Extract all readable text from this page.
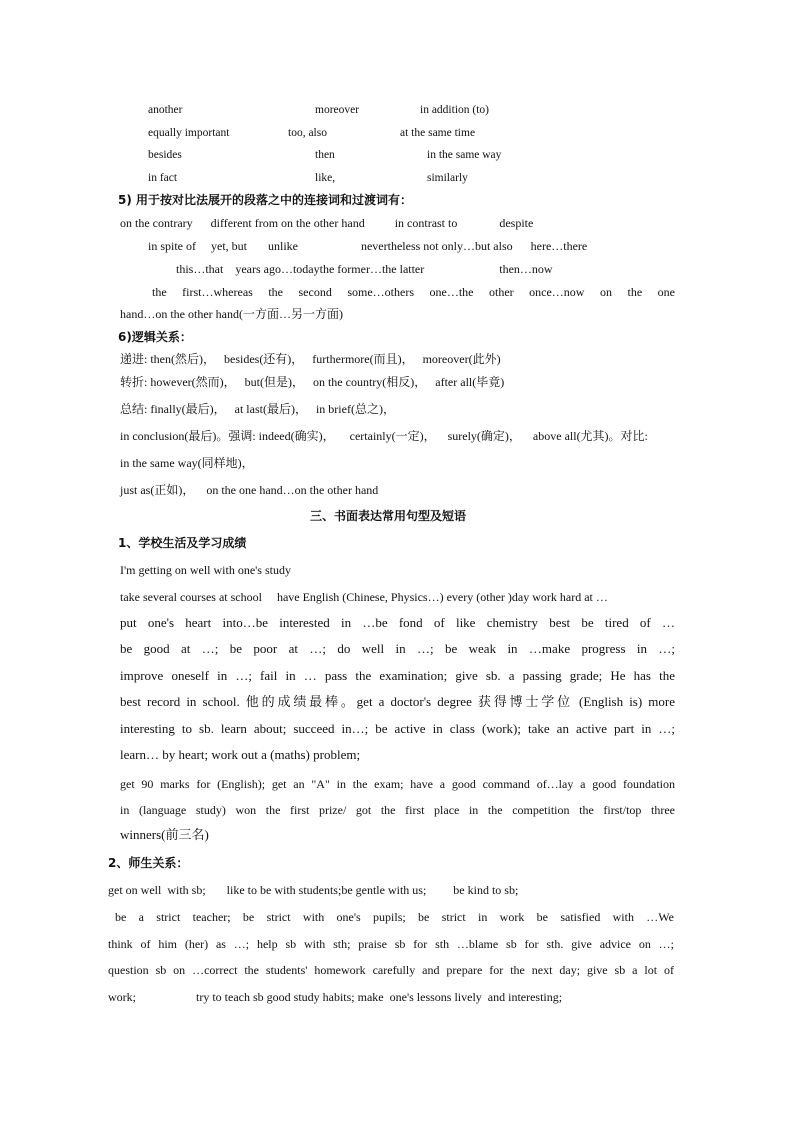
another	moreover	in addition (to)
equally important	too, also	at the same time
besides	then	in the same way
in fact	like,	similarly
5) 用于按对比法展开的段落之中的连接词和过渡词有：
on the contrary      different from on the other hand          in contrast to              despite
in spite of     yet, but       unlike                     nevertheless not only…but also      here…there
this…that    years ago…todaythe former…the latter                         then…now
the first…whereas the second some…others one…the other once…now on the one
hand…on the other hand(一方面…另一方面)
6)逻辑关系：
递进: then(然后)，   besides(还有)，   furthermore(而且)，   moreover(此外)
转折: however(然而)，   but(但是)，   on the country(相反)，   after all(毕竟)
总结: finally(最后)，   at last(最后)，   in brief(总之)，
in conclusion(最后)。强调: indeed(确实)，     certainly(一定)，    surely(确定)，    above all(尤其)。对比:
in the same way(同样地)，
just as(正如)，    on the one hand…on the other hand
三、书面表达常用句型及短语
1、学校生活及学习成绩
I'm getting on well with one's study
take several courses at school     have English (Chinese, Physics…) every (other )day work hard at …
put one's heart into…be interested in …be fond of like chemistry best be tired of …
be good at …; be poor at …; do well in …; be weak in …make progress in …;
improve oneself in …; fail in … pass the examination; give sb. a passing grade; He has the
best record in school. 他的成绩最棒。get a doctor's degree 获得博士学位 (English is) more
interesting to sb. learn about; succeed in…; be active in class (work); take an active part in …;
learn… by heart; work out a (maths) problem;
get 90 marks for (English); get an "A" in the exam; have a good command of…lay a good foundation
in (language study) won the first prize/ got the first place in the competition the first/top three
winners(前三名)
2、师生关系：
get on well  with sb;       like to be with students;be gentle with us;         be kind to sb;
be a strict teacher; be strict with one's pupils; be strict in work be satisfied with …We
think of him (her) as …; help sb with sth; praise sb for sth …blame sb for sth. give advice on …;
question sb on …correct the students' homework carefully and prepare for the next day; give sb a lot of
work;                    try to teach sb good study habits; make  one's lessons lively  and interesting;
